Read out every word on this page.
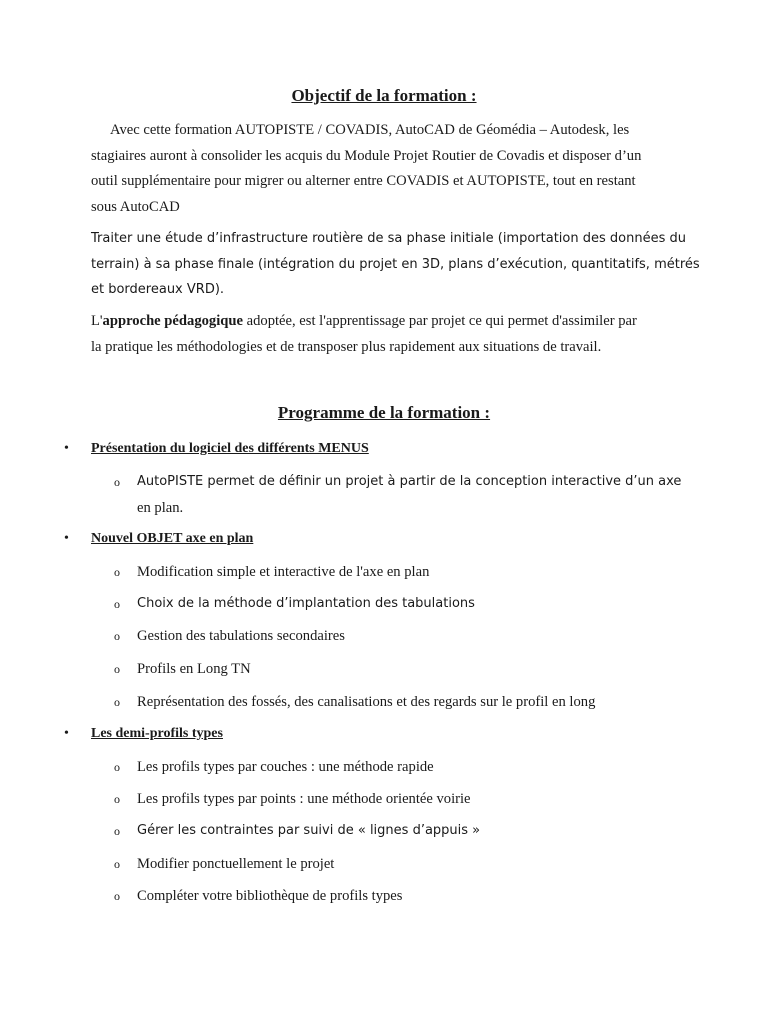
Objectif de la formation :

Avec cette formation AUTOPISTE / COVADIS, AutoCAD de Géomédia – Autodesk, les
stagiaires auront à consolider les acquis du Module Projet Routier de Covadis et disposer d’un
outil supplémentaire pour migrer ou alterner entre COVADIS et AUTOPISTE, tout en restant
sous AutoCAD

Traiter une étude d’infrastructure routière de sa phase initiale (importation des données du
terrain) à sa phase finale (intégration du projet en 3D, plans d’exécution, quantitatifs, métrés
et bordereaux VRD).

L'approche pédagogique adoptée, est l'apprentissage par projet ce qui permet d'assimiler par
la pratique les méthodologies et de transposer plus rapidement aux situations de travail.

Programme de la formation :
•	Présentation du logiciel des différents MENUS
o AutoPISTE permet de définir un projet à partir de la conception interactive d’un axe
en plan.
•	Nouvel OBJET axe en plan
o Modification simple et interactive de l'axe en plan
o Choix de la méthode d’implantation des tabulations
o Gestion des tabulations secondaires
o Profils en Long TN
o Représentation des fossés, des canalisations et des regards sur le profil en long
•	Les demi-profils types
o Les profils types par couches : une méthode rapide
o Les profils types par points : une méthode orientée voirie
o Gérer les contraintes par suivi de « lignes d’appuis »
o Modifier ponctuellement le projet
o Compléter votre bibliothèque de profils types
